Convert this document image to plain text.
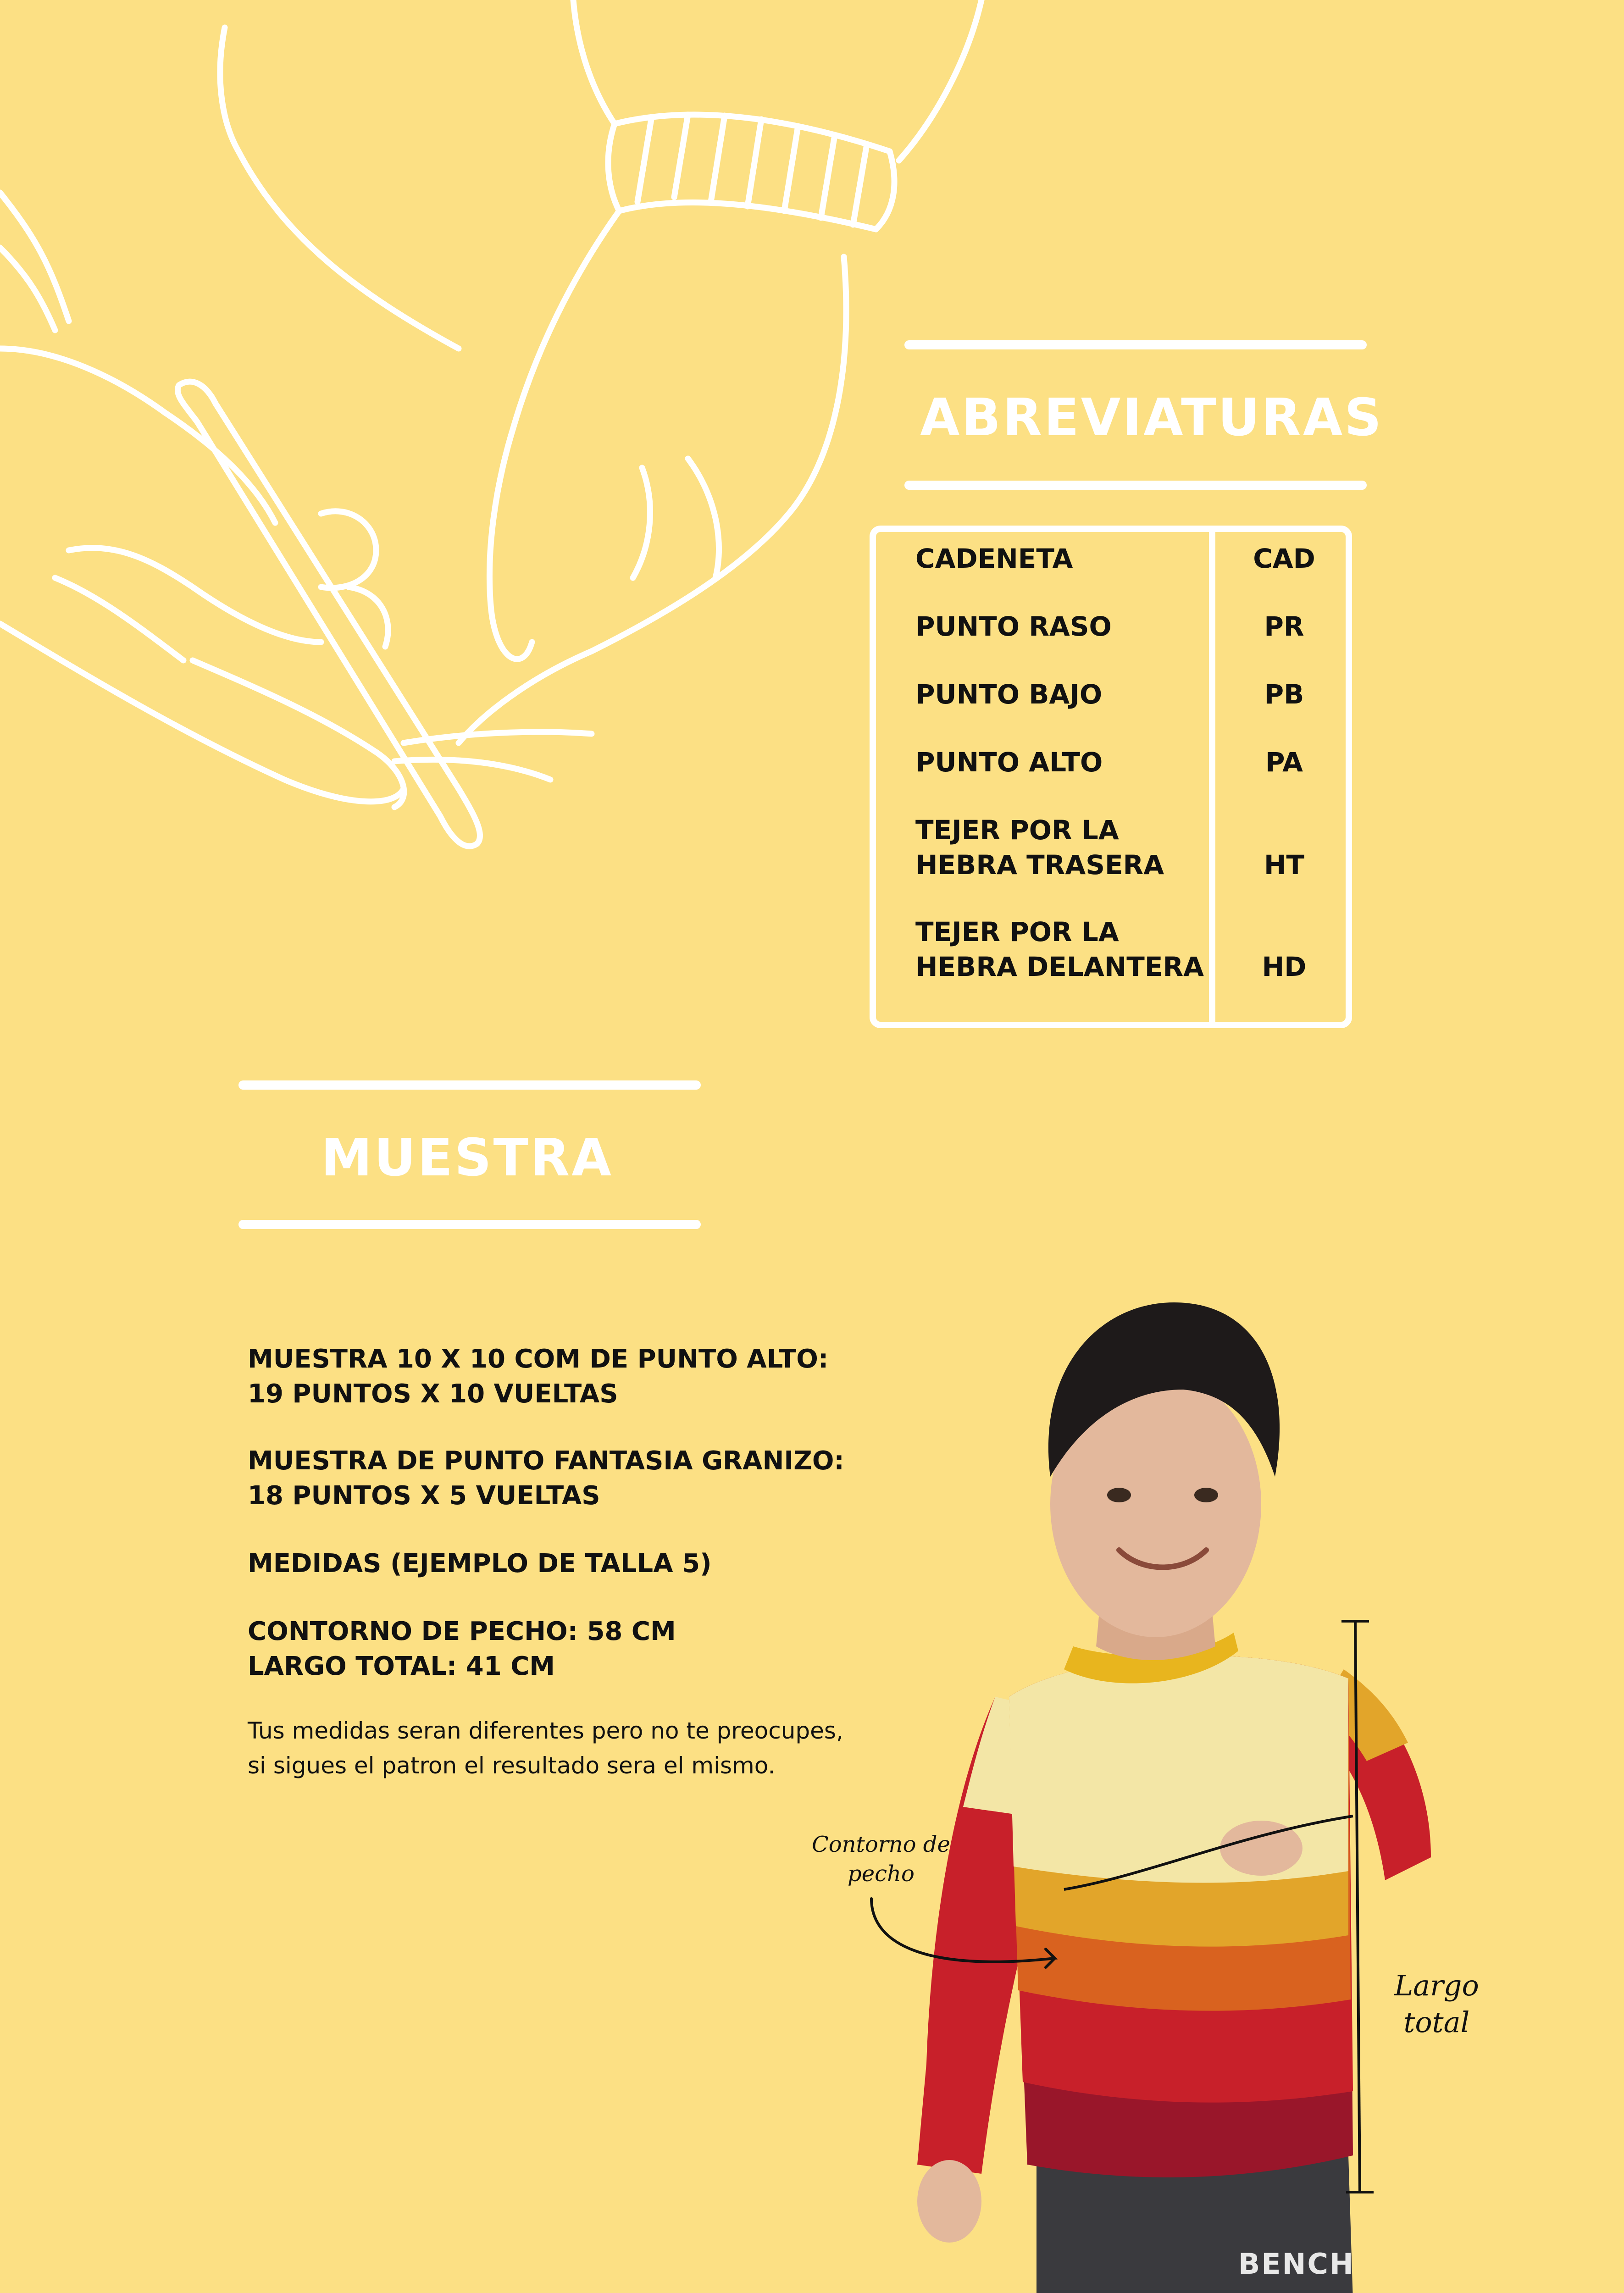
ABREVIATURAS
CADENETA	CAD
PUNTO RASO	PR
PUNTO BAJO	PB
PUNTO ALTO	PA
TEJER POR LA
HEBRA TRASERA	HT
TEJER POR LA
HEBRA DELANTERA	HD
MUESTRA
MUESTRA 10 X 10 COM DE PUNTO ALTO:
19 PUNTOS X 10 VUELTAS
MUESTRA DE PUNTO FANTASIA GRANIZO:
18 PUNTOS X 5 VUELTAS
MEDIDAS (EJEMPLO DE TALLA 5)
CONTORNO DE PECHO: 58 CM
LARGO TOTAL: 41 CM
Tus medidas seran diferentes pero no te preocupes,
si sigues el patron el resultado sera el mismo.
Contorno de
pecho
Largo
total
BENCH
